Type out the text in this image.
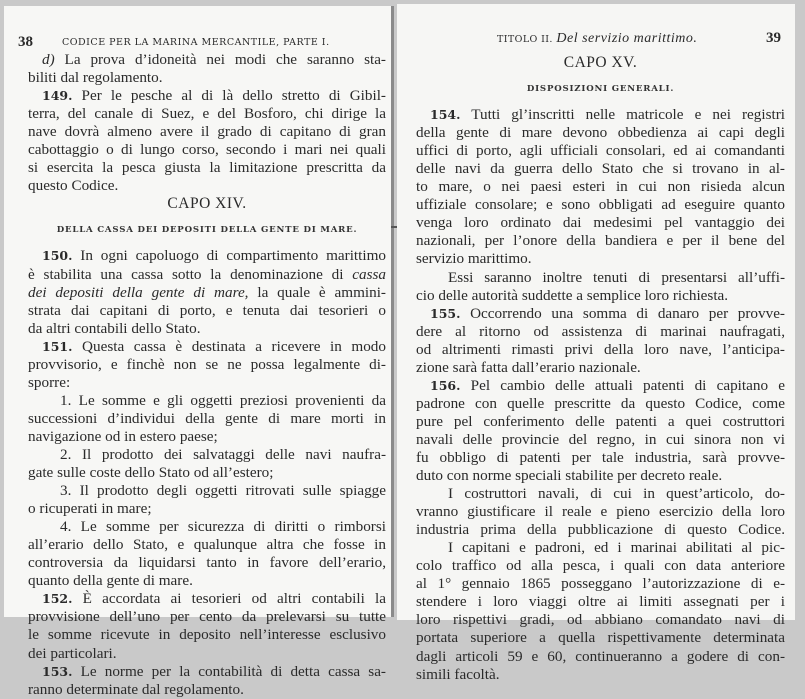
38	CODICE PER LA MARINA MERCANTILE, PARTE I.
d) La prova d’idoneità nei modi che saranno sta-
biliti dal regolamento.
149. Per le pesche al di là dello stretto di Gibil-
terra, del canale di Suez, e del Bosforo, chi dirige la
nave dovrà almeno avere il grado di capitano di gran
cabottaggio o di lungo corso, secondo i mari nei quali
si esercita la pesca giusta la limitazione prescritta da
questo Codice.
CAPO XIV.
DELLA CASSA DEI DEPOSITI DELLA GENTE DI MARE.
150. In ogni capoluogo di compartimento marittimo
è stabilita una cassa sotto la denominazione di cassa
dei depositi della gente di mare, la quale è ammini-
strata dai capitani di porto, e tenuta dai tesorieri o
da altri contabili dello Stato.
151. Questa cassa è destinata a ricevere in modo
provvisorio, e finchè non se ne possa legalmente di-
sporre:
1. Le somme e gli oggetti preziosi provenienti da
successioni d’individui della gente di mare morti in
navigazione od in estero paese;
2. Il prodotto dei salvataggi delle navi naufra-
gate sulle coste dello Stato od all’estero;
3. Il prodotto degli oggetti ritrovati sulle spiagge
o ricuperati in mare;
4. Le somme per sicurezza di diritti o rimborsi
all’erario dello Stato, e qualunque altra che fosse in
controversia da liquidarsi tanto in favore dell’erario,
quanto della gente di mare.
152. È accordata ai tesorieri od altri contabili la
provvisione dell’uno per cento da prelevarsi su tutte
le somme ricevute in deposito nell’interesse esclusivo
dei particolari.
153. Le norme per la contabilità di detta cassa sa-
ranno determinate dal regolamento.
TITOLO II. Del servizio marittimo.	39
CAPO XV.
DISPOSIZIONI GENERALI.
154. Tutti gl’inscritti nelle matricole e nei registri
della gente di mare devono obbedienza ai capi degli
uffici di porto, agli ufficiali consolari, ed ai comandanti
delle navi da guerra dello Stato che si trovano in al-
to mare, o nei paesi esteri in cui non risieda alcun
uffiziale consolare; e sono obbligati ad eseguire quanto
venga loro ordinato dai medesimi pel vantaggio dei
nazionali, per l’onore della bandiera e per il bene del
servizio marittimo.
Essi saranno inoltre tenuti di presentarsi all’uffi-
cio delle autorità suddette a semplice loro richiesta.
155. Occorrendo una somma di danaro per provve-
dere al ritorno od assistenza di marinai naufragati,
od altrimenti rimasti privi della loro nave, l’anticipa-
zione sarà fatta dall’erario nazionale.
156. Pel cambio delle attuali patenti di capitano e
padrone con quelle prescritte da questo Codice, come
pure pel conferimento delle patenti a quei costruttori
navali delle provincie del regno, in cui sinora non vi
fu obbligo di patenti per tale industria, sarà provve-
duto con norme speciali stabilite per decreto reale.
I costruttori navali, di cui in quest’articolo, do-
vranno giustificare il reale e pieno esercizio della loro
industria prima della pubblicazione di questo Codice.
I capitani e padroni, ed i marinai abilitati al pic-
colo traffico od alla pesca, i quali con data anteriore
al 1° gennaio 1865 posseggano l’autorizzazione di e-
stendere i loro viaggi oltre ai limiti assegnati per i
loro rispettivi gradi, od abbiano comandato navi di
portata superiore a quella rispettivamente determinata
dagli articoli 59 e 60, continueranno a godere di con-
simili facoltà.
